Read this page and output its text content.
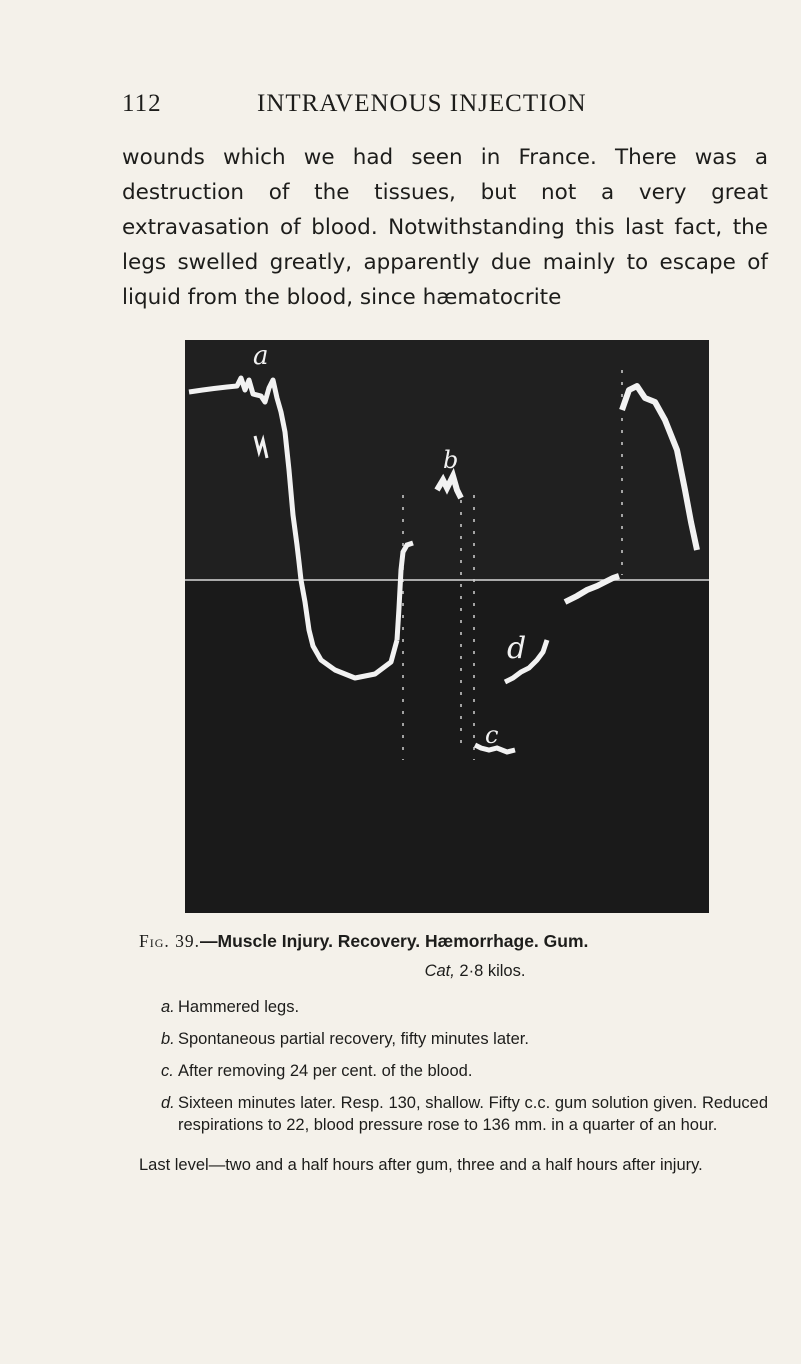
112	INTRAVENOUS INJECTION

wounds which we had seen in France. There was a destruction of the tissues, but not a very great extravasation of blood. Notwithstanding this last fact, the legs swelled greatly, apparently due mainly to escape of liquid from the blood, since hæmatocrite

a
b
c
d

Fig. 39.—Muscle Injury. Recovery. Hæmorrhage. Gum.

Cat, 2·8 kilos.

a. Hammered legs.
b. Spontaneous partial recovery, fifty minutes later.
c. After removing 24 per cent. of the blood.
d. Sixteen minutes later. Resp. 130, shallow. Fifty c.c. gum solution given. Reduced respirations to 22, blood pressure rose to 136 mm. in a quarter of an hour.

Last level—two and a half hours after gum, three and a half hours after injury.
